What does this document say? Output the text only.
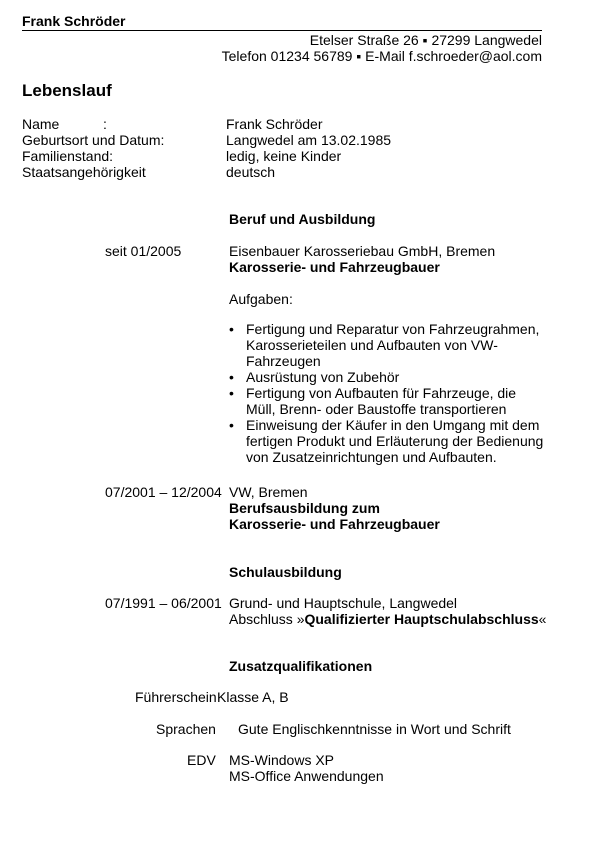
Frank Schröder
Etelser Straße 26 ▪ 27299 Langwedel
Telefon 01234 56789 ▪ E-Mail f.schroeder@aol.com
Lebenslauf
Name	:	Frank Schröder
Geburtsort und Datum:	Langwedel am 13.02.1985
Familienstand:	ledig, keine Kinder
Staatsangehörigkeit	deutsch
Beruf und Ausbildung
seit 01/2005	Eisenbauer Karosseriebau GmbH, Bremen
Karosserie- und Fahrzeugbauer
Aufgaben:
• Fertigung und Reparatur von Fahrzeugrahmen,
Karosserieteilen und Aufbauten von VW-
Fahrzeugen
• Ausrüstung von Zubehör
• Fertigung von Aufbauten für Fahrzeuge, die
Müll, Brenn- oder Baustoffe transportieren
• Einweisung der Käufer in den Umgang mit dem
fertigen Produkt und Erläuterung der Bedienung
von Zusatzeinrichtungen und Aufbauten.
07/2001 – 12/2004 VW, Bremen
Berufsausbildung zum
Karosserie- und Fahrzeugbauer
Schulausbildung
07/1991 – 06/2001 Grund- und Hauptschule, Langwedel
Abschluss »Qualifizierter Hauptschulabschluss«
Zusatzqualifikationen
Führerschein Klasse A, B
Sprachen Gute Englischkenntnisse in Wort und Schrift
EDV MS-Windows XP
MS-Office Anwendungen
